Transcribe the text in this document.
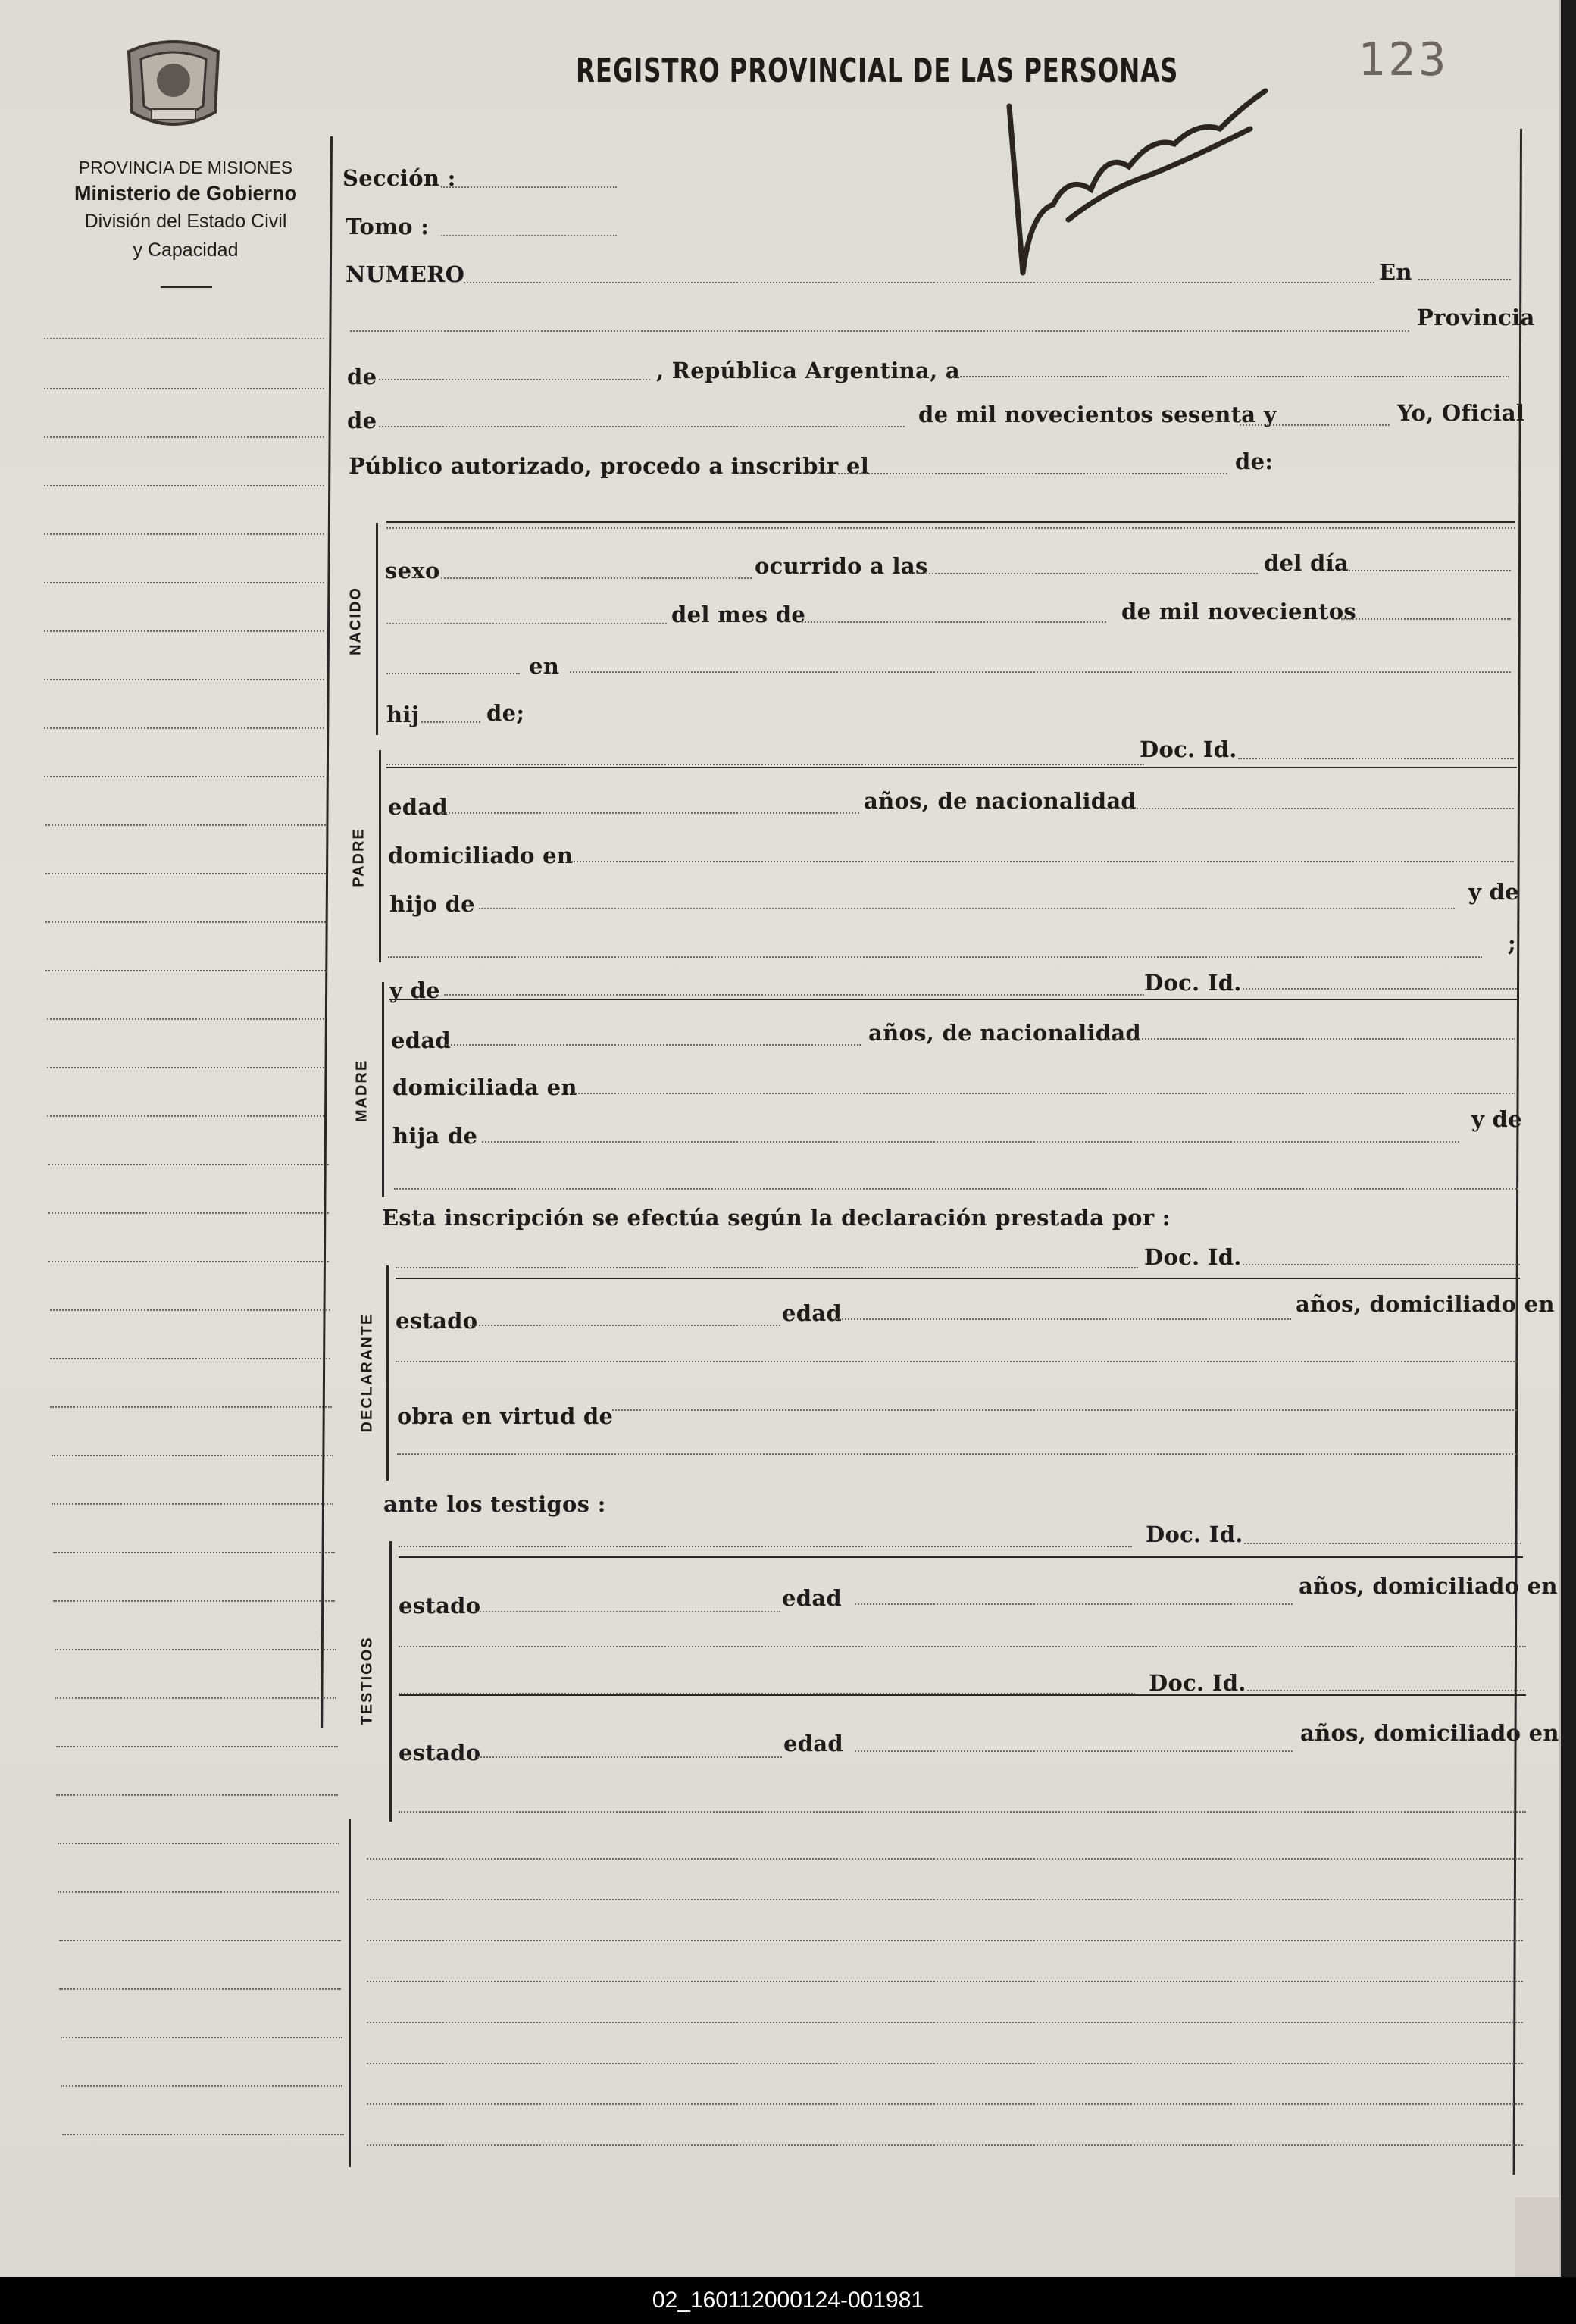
PROVINCIA DE MISIONES
Ministerio de Gobierno
División del Estado Civil
y Capacidad
REGISTRO PROVINCIAL DE LAS PERSONAS	123
Sección :
Tomo :
NUMERO	En
Provincia
de	, República Argentina, a
de	de mil novecientos sesenta y	Yo, Oficial
Público autorizado, procedo a inscribir el	de:
NACIDO
sexo	ocurrido a las	del día
del mes de	de mil novecientos
en
hij	de;
PADRE
Doc. Id.
edad	años, de nacionalidad
domiciliado en
hijo de	y de
;
MADRE
y de	Doc. Id.
edad	años, de nacionalidad
domiciliada en
hija de
y de
Esta inscripción se efectúa según la declaración prestada por :
DECLARANTE
Doc. Id.
estado	edad	años, domiciliado en
obra en virtud de
ante los testigos :
TESTIGOS
Doc. Id.
estado	edad	años, domiciliado en
Doc. Id.
estado	edad	años, domiciliado en
02_160112000124-001981
